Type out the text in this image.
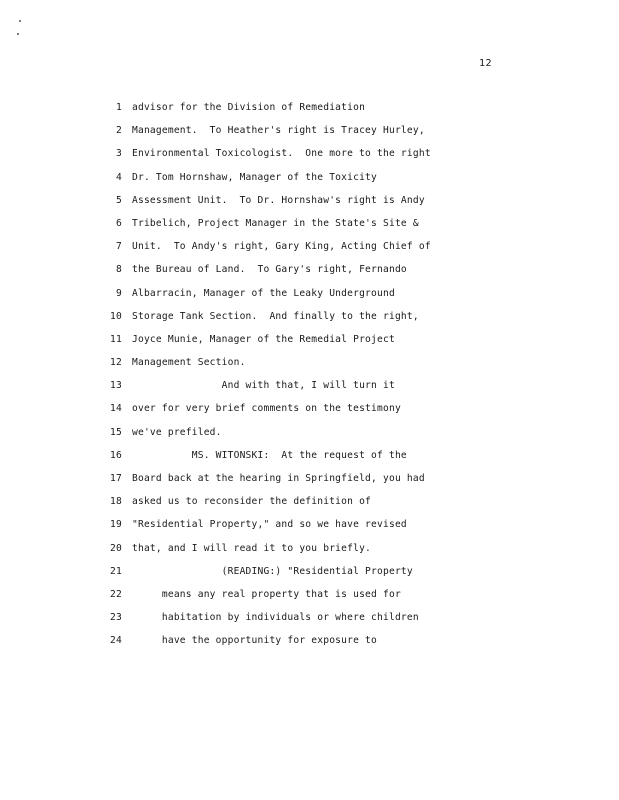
12
1 advisor for the Division of Remediation
2 Management.  To Heather's right is Tracey Hurley,
3 Environmental Toxicologist.  One more to the right
4 Dr. Tom Hornshaw, Manager of the Toxicity
5 Assessment Unit.  To Dr. Hornshaw's right is Andy
6 Tribelich, Project Manager in the State's Site &
7 Unit.  To Andy's right, Gary King, Acting Chief of
8 the Bureau of Land.  To Gary's right, Fernando
9 Albarracin, Manager of the Leaky Underground
10 Storage Tank Section.  And finally to the right,
11 Joyce Munie, Manager of the Remedial Project
12 Management Section.
13 And with that, I will turn it
14 over for very brief comments on the testimony
15 we've prefiled.
16 MS. WITONSKI:  At the request of the
17 Board back at the hearing in Springfield, you had
18 asked us to reconsider the definition of
19 "Residential Property," and so we have revised
20 that, and I will read it to you briefly.
21 (READING:) "Residential Property
22 means any real property that is used for
23 habitation by individuals or where children
24 have the opportunity for exposure to
